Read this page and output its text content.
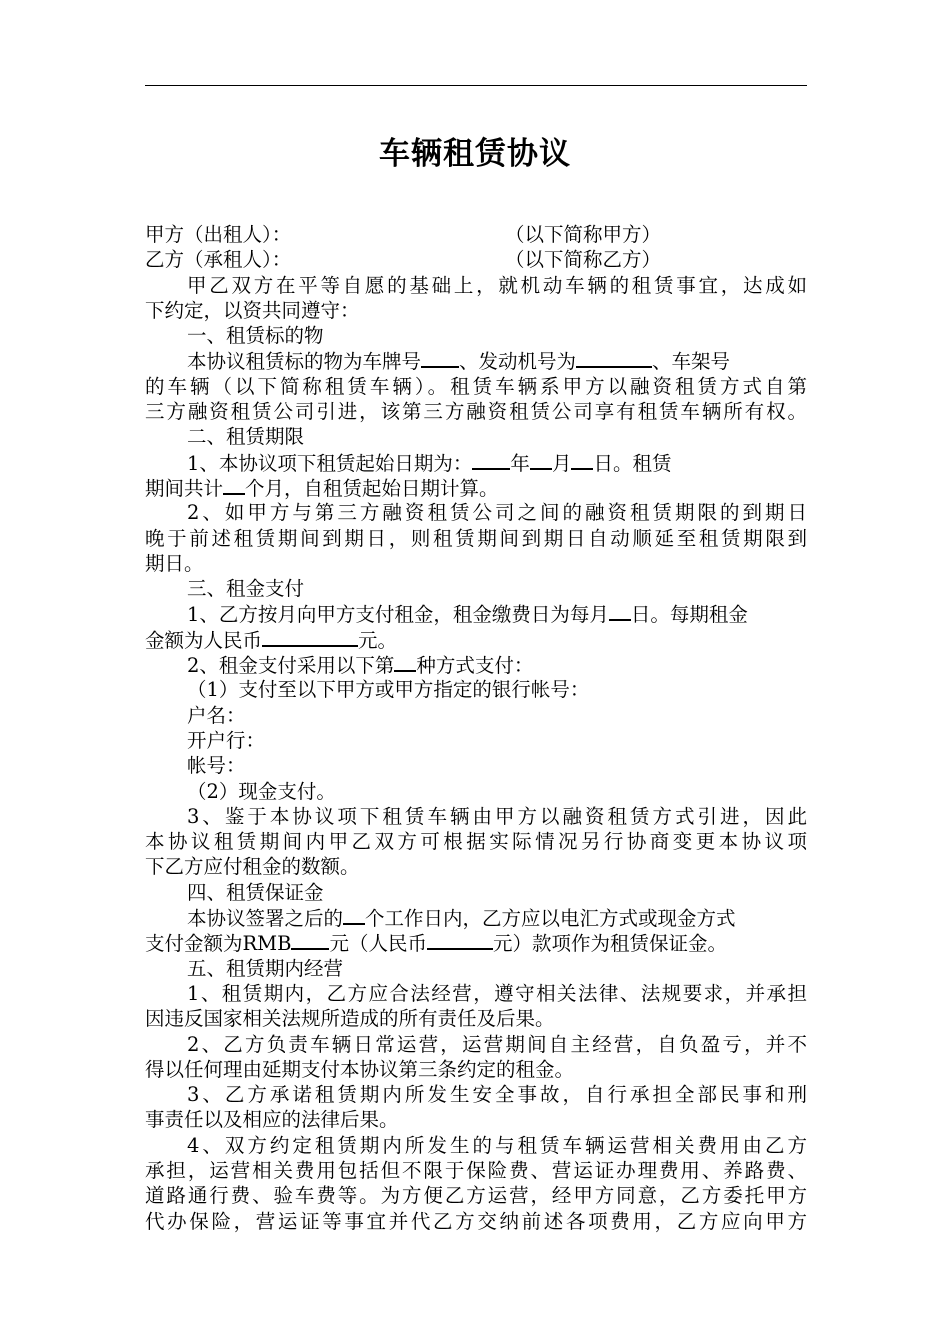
车辆租赁协议
甲方（出租人）：	（以下简称甲方）
乙方（承租人）：	（以下简称乙方）
甲乙双方在平等自愿的基础上，就机动车辆的租赁事宜，达成如
下约定，以资共同遵守：
一、租赁标的物
本协议租赁标的物为车牌号 、发动机号为	、车架号
的车辆（以下简称租赁车辆）。租赁车辆系甲方以融资租赁方式自第
三方融资租赁公司引进，该第三方融资租赁公司享有租赁车辆所有权。
二、租赁期限
1、本协议项下租赁起始日期为： 年 月 日。租赁
期间共计 个月，自租赁起始日期计算。
2、如甲方与第三方融资租赁公司之间的融资租赁期限的到期日
晚于前述租赁期间到期日，则租赁期间到期日自动顺延至租赁期限到
期日。
三、租金支付
1、乙方按月向甲方支付租金，租金缴费日为每月 日。每期租金
金额为人民币	元。
2、租金支付采用以下第 种方式支付：
（1）支付至以下甲方或甲方指定的银行帐号：
户名：
开户行：
帐号：
（2）现金支付。
3、鉴于本协议项下租赁车辆由甲方以融资租赁方式引进，因此
本协议租赁期间内甲乙双方可根据实际情况另行协商变更本协议项
下乙方应付租金的数额。
四、租赁保证金
本协议签署之后的 个工作日内，乙方应以电汇方式或现金方式
支付金额为RMB 元（人民币	元）款项作为租赁保证金。
五、租赁期内经营
1、租赁期内，乙方应合法经营，遵守相关法律、法规要求，并承担
因违反国家相关法规所造成的所有责任及后果。
2、乙方负责车辆日常运营，运营期间自主经营，自负盈亏，并不
得以任何理由延期支付本协议第三条约定的租金。
3、乙方承诺租赁期内所发生安全事故，自行承担全部民事和刑
事责任以及相应的法律后果。
4、双方约定租赁期内所发生的与租赁车辆运营相关费用由乙方
承担，运营相关费用包括但不限于保险费、营运证办理费用、养路费、
道路通行费、验车费等。为方便乙方运营，经甲方同意，乙方委托甲方
代办保险，营运证等事宜并代乙方交纳前述各项费用，乙方应向甲方
